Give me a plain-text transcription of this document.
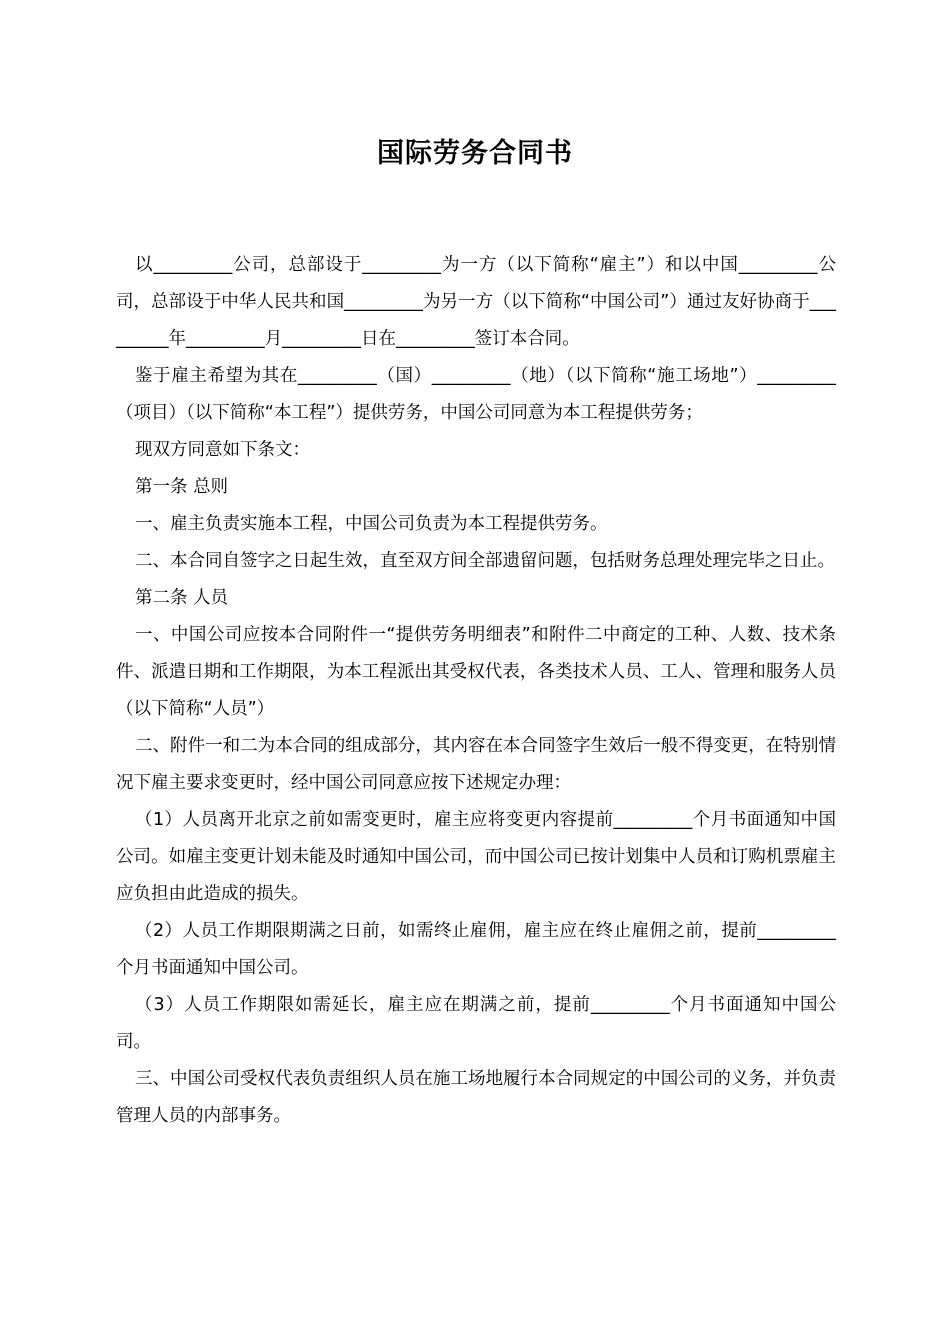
国际劳务合同书

以_________公司，总部设于_________为一方（以下简称“雇主”）和以中国_________公司，总部设于中华人民共和国_________为另一方（以下简称“中国公司”）通过友好协商于_________年_________月_________日在_________签订本合同。

鉴于雇主希望为其在_________（国）_________（地）（以下简称“施工场地”）_________（项目）（以下简称“本工程”）提供劳务，中国公司同意为本工程提供劳务；

现双方同意如下条文：

第一条 总则

一、雇主负责实施本工程，中国公司负责为本工程提供劳务。

二、本合同自签字之日起生效，直至双方间全部遗留问题，包括财务总理处理完毕之日止。

第二条 人员

一、中国公司应按本合同附件一“提供劳务明细表”和附件二中商定的工种、人数、技术条件、派遣日期和工作期限，为本工程派出其受权代表，各类技术人员、工人、管理和服务人员（以下简称“人员”）

二、附件一和二为本合同的组成部分，其内容在本合同签字生效后一般不得变更，在特别情况下雇主要求变更时，经中国公司同意应按下述规定办理：

（1）人员离开北京之前如需变更时，雇主应将变更内容提前_________个月书面通知中国公司。如雇主变更计划未能及时通知中国公司，而中国公司已按计划集中人员和订购机票雇主应负担由此造成的损失。

（2）人员工作期限期满之日前，如需终止雇佣，雇主应在终止雇佣之前，提前_________个月书面通知中国公司。

（3）人员工作期限如需延长，雇主应在期满之前，提前_________个月书面通知中国公司。

三、中国公司受权代表负责组织人员在施工场地履行本合同规定的中国公司的义务，并负责管理人员的内部事务。
